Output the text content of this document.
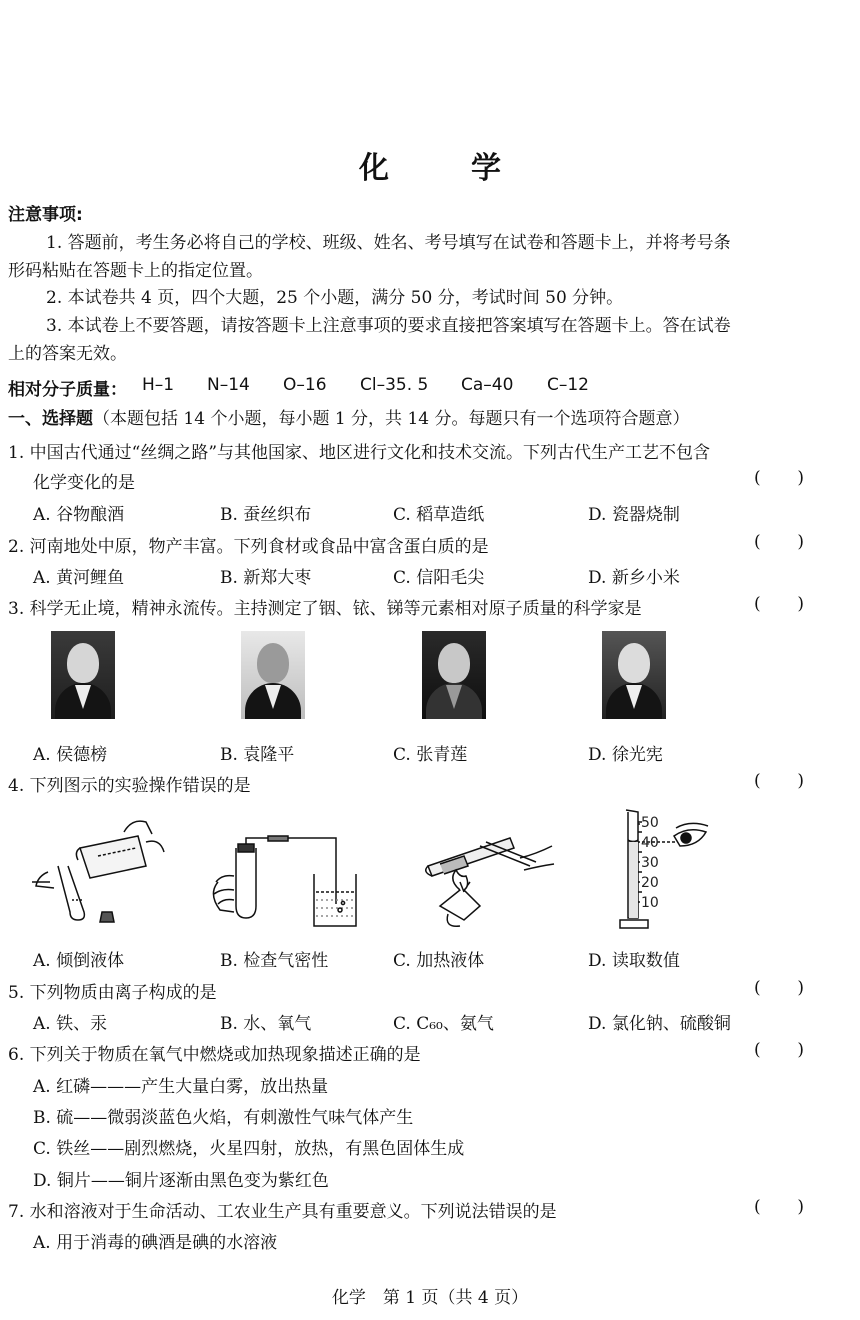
化　学
注意事项:
1. 答题前，考生务必将自己的学校、班级、姓名、考号填写在试卷和答题卡上，并将考号条
形码粘贴在答题卡上的指定位置。
2. 本试卷共 4 页，四个大题，25 个小题，满分 50 分，考试时间 50 分钟。
3. 本试卷上不要答题，请按答题卡上注意事项的要求直接把答案填写在答题卡上。答在试卷
上的答案无效。
相对分子质量： H–1 N–14 O–16 Cl–35. 5 Ca–40 C–12
一、选择题（本题包括 14 个小题，每小题 1 分，共 14 分。每题只有一个选项符合题意）
1. 中国古代通过“丝绸之路”与其他国家、地区进行文化和技术交流。下列古代生产工艺不包含
化学变化的是	( )
A. 谷物酿酒	B. 蚕丝织布	C. 稻草造纸	D. 瓷器烧制
2. 河南地处中原，物产丰富。下列食材或食品中富含蛋白质的是	( )
A. 黄河鲤鱼	B. 新郑大枣	C. 信阳毛尖	D. 新乡小米
3. 科学无止境，精神永流传。主持测定了铟、铱、锑等元素相对原子质量的科学家是	( )
A. 侯德榜	B. 袁隆平	C. 张青莲	D. 徐光宪
4. 下列图示的实验操作错误的是	( )
50
40
30
20
10
A. 倾倒液体	B. 检查气密性	C. 加热液体	D. 读取数值
5. 下列物质由离子构成的是	( )
A. 铁、汞	B. 水、氧气	C. C₆₀、氨气	D. 氯化钠、硫酸铜
6. 下列关于物质在氧气中燃烧或加热现象描述正确的是	( )
A. 红磷———产生大量白雾，放出热量
B. 硫——微弱淡蓝色火焰，有刺激性气味气体产生
C. 铁丝——剧烈燃烧，火星四射，放热，有黑色固体生成
D. 铜片——铜片逐渐由黑色变为紫红色
7. 水和溶液对于生命活动、工农业生产具有重要意义。下列说法错误的是	( )
A. 用于消毒的碘酒是碘的水溶液
化学　第 1 页（共 4 页）
